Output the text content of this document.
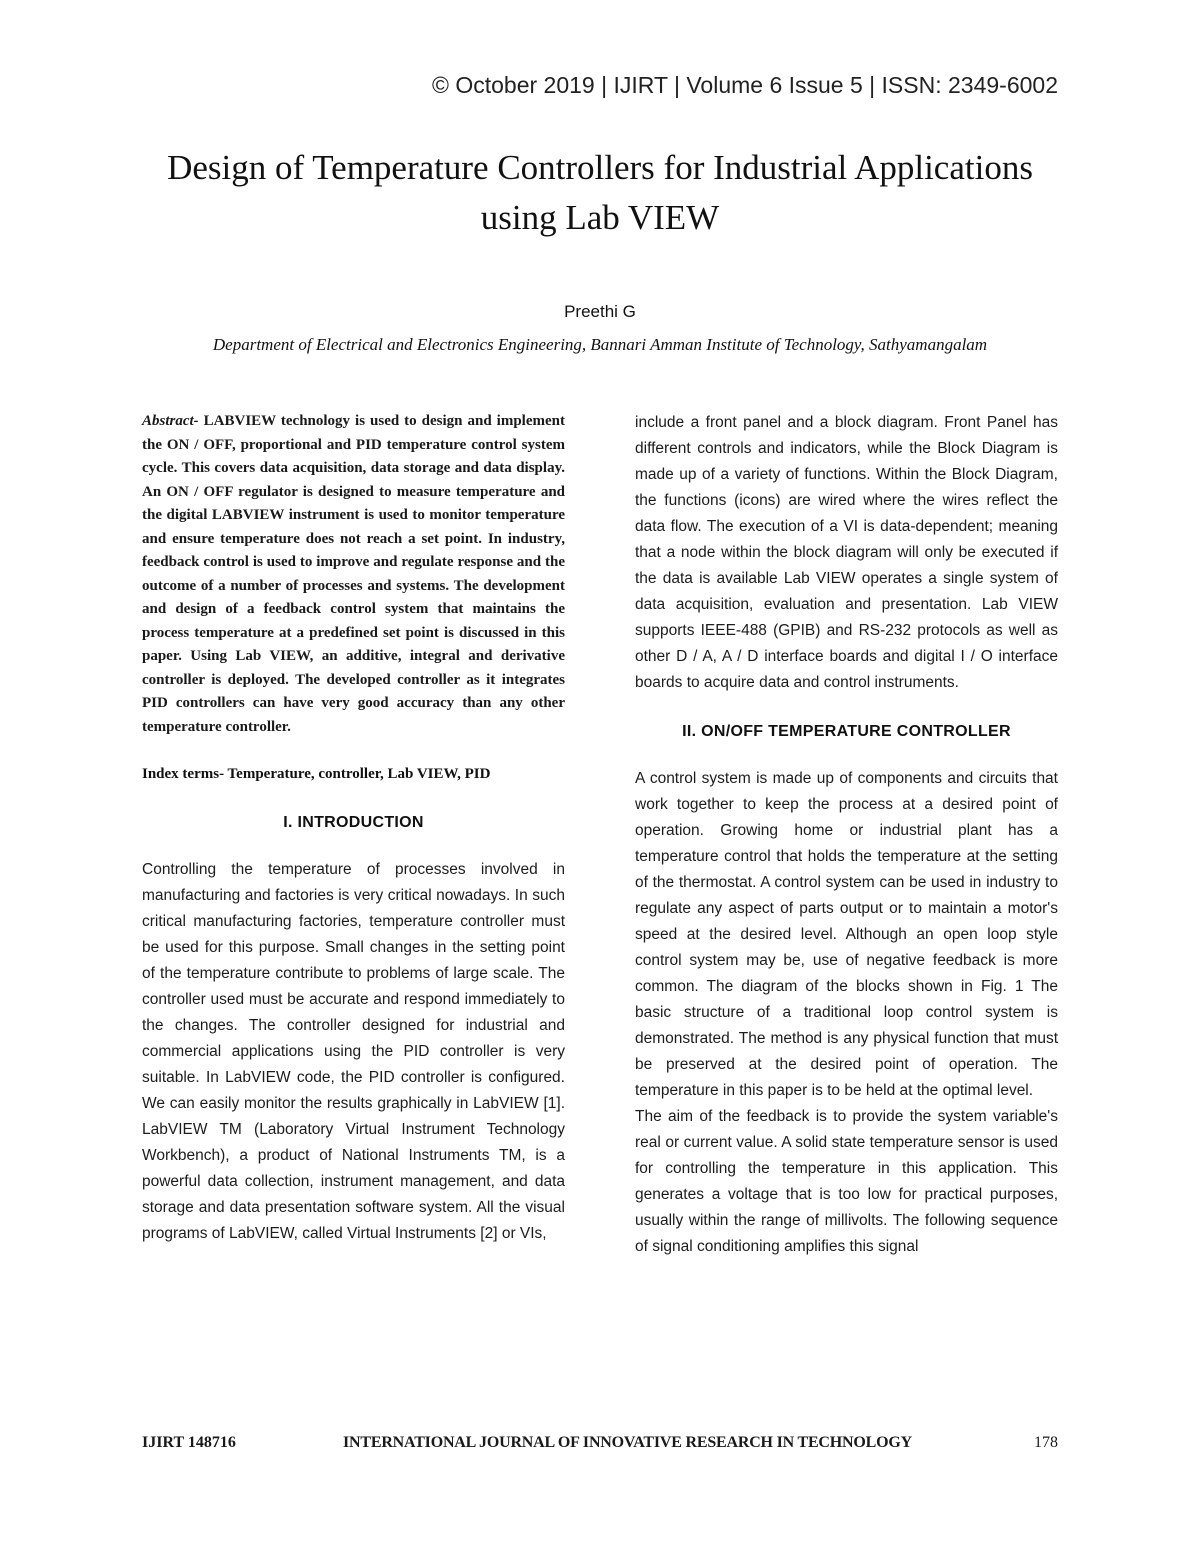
© October 2019 | IJIRT | Volume 6 Issue 5 | ISSN: 2349-6002
Design of Temperature Controllers for Industrial Applications using Lab VIEW
Preethi G
Department of Electrical and Electronics Engineering, Bannari Amman Institute of Technology, Sathyamangalam

Abstract- LABVIEW technology is used to design and implement the ON / OFF, proportional and PID temperature control system cycle. This covers data acquisition, data storage and data display. An ON / OFF regulator is designed to measure temperature and the digital LABVIEW instrument is used to monitor temperature and ensure temperature does not reach a set point. In industry, feedback control is used to improve and regulate response and the outcome of a number of processes and systems. The development and design of a feedback control system that maintains the process temperature at a predefined set point is discussed in this paper. Using Lab VIEW, an additive, integral and derivative controller is deployed. The developed controller as it integrates PID controllers can have very good accuracy than any other temperature controller.

Index terms- Temperature, controller, Lab VIEW, PID

I. INTRODUCTION

Controlling the temperature of processes involved in manufacturing and factories is very critical nowadays. In such critical manufacturing factories, temperature controller must be used for this purpose. Small changes in the setting point of the temperature contribute to problems of large scale. The controller used must be accurate and respond immediately to the changes. The controller designed for industrial and commercial applications using the PID controller is very suitable. In LabVIEW code, the PID controller is configured. We can easily monitor the results graphically in LabVIEW [1]. LabVIEW TM (Laboratory Virtual Instrument Technology Workbench), a product of National Instruments TM, is a powerful data collection, instrument management, and data storage and data presentation software system. All the visual programs of LabVIEW, called Virtual Instruments [2] or VIs,

include a front panel and a block diagram. Front Panel has different controls and indicators, while the Block Diagram is made up of a variety of functions. Within the Block Diagram, the functions (icons) are wired where the wires reflect the data flow. The execution of a VI is data-dependent; meaning that a node within the block diagram will only be executed if the data is available Lab VIEW operates a single system of data acquisition, evaluation and presentation. Lab VIEW supports IEEE-488 (GPIB) and RS-232 protocols as well as other D / A, A / D interface boards and digital I / O interface boards to acquire data and control instruments.

II. ON/OFF TEMPERATURE CONTROLLER

A control system is made up of components and circuits that work together to keep the process at a desired point of operation. Growing home or industrial plant has a temperature control that holds the temperature at the setting of the thermostat. A control system can be used in industry to regulate any aspect of parts output or to maintain a motor's speed at the desired level. Although an open loop style control system may be, use of negative feedback is more common. The diagram of the blocks shown in Fig. 1 The basic structure of a traditional loop control system is demonstrated. The method is any physical function that must be preserved at the desired point of operation. The temperature in this paper is to be held at the optimal level.

The aim of the feedback is to provide the system variable's real or current value. A solid state temperature sensor is used for controlling the temperature in this application. This generates a voltage that is too low for practical purposes, usually within the range of millivolts. The following sequence of signal conditioning amplifies this signal

IJIRT 148716	INTERNATIONAL JOURNAL OF INNOVATIVE RESEARCH IN TECHNOLOGY	178
